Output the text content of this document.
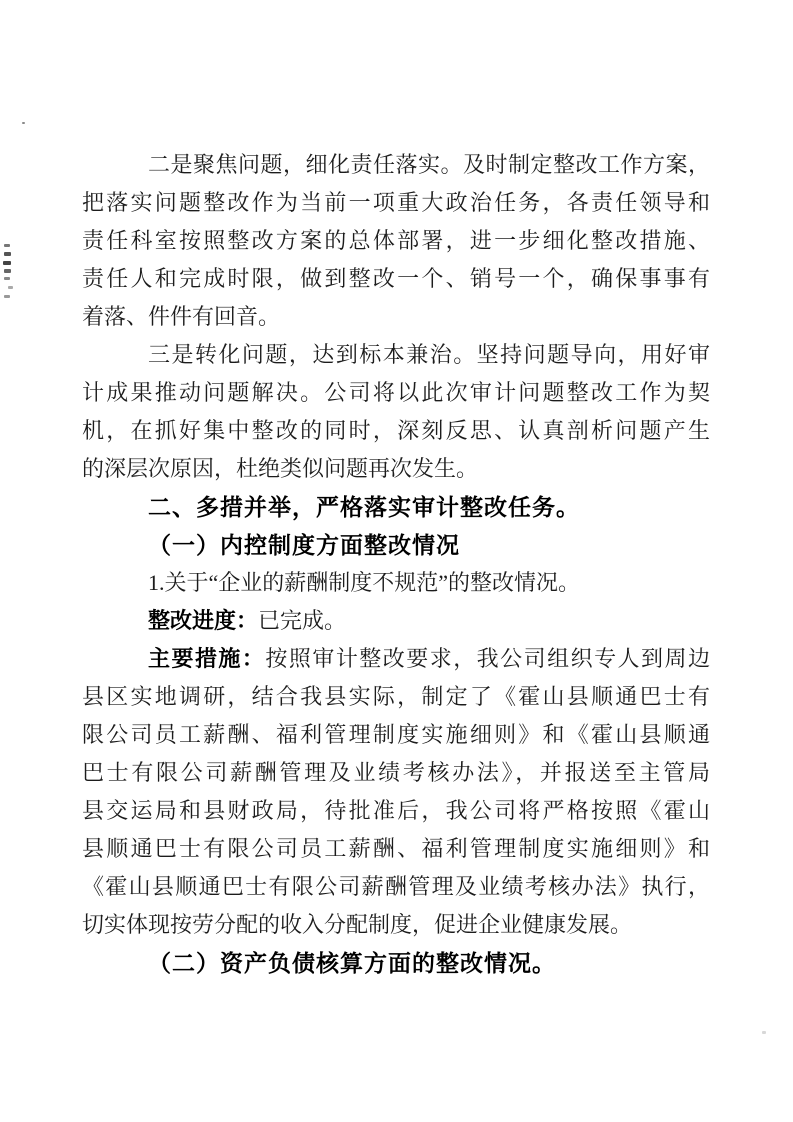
二是聚焦问题，细化责任落实。及时制定整改工作方案，
把落实问题整改作为当前一项重大政治任务，各责任领导和
责任科室按照整改方案的总体部署，进一步细化整改措施、
责任人和完成时限，做到整改一个、销号一个，确保事事有
着落、件件有回音。
三是转化问题，达到标本兼治。坚持问题导向，用好审
计成果推动问题解决。公司将以此次审计问题整改工作为契
机，在抓好集中整改的同时，深刻反思、认真剖析问题产生
的深层次原因，杜绝类似问题再次发生。
二、多措并举，严格落实审计整改任务。
（一）内控制度方面整改情况
1.关于“企业的薪酬制度不规范”的整改情况。
整改进度：已完成。
主要措施：按照审计整改要求，我公司组织专人到周边
县区实地调研，结合我县实际，制定了《霍山县顺通巴士有
限公司员工薪酬、福利管理制度实施细则》和《霍山县顺通
巴士有限公司薪酬管理及业绩考核办法》，并报送至主管局
县交运局和县财政局，待批准后，我公司将严格按照《霍山
县顺通巴士有限公司员工薪酬、福利管理制度实施细则》和
《霍山县顺通巴士有限公司薪酬管理及业绩考核办法》执行，
切实体现按劳分配的收入分配制度，促进企业健康发展。
（二）资产负债核算方面的整改情况。
